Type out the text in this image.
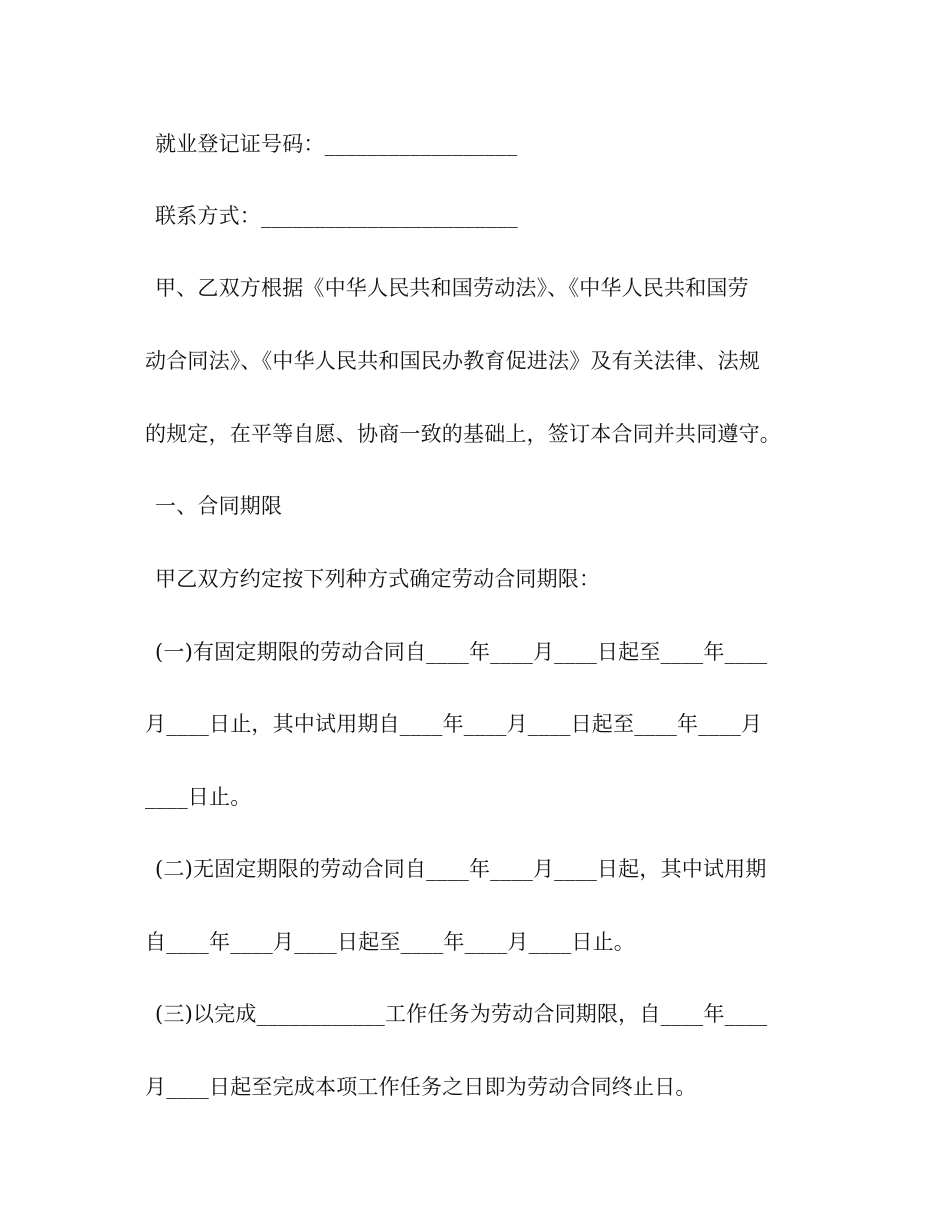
就业登记证号码：__________________
联系方式：________________________
甲、乙双方根据《中华人民共和国劳动法》、《中华人民共和国劳
动合同法》、《中华人民共和国民办教育促进法》及有关法律、法规
的规定，在平等自愿、协商一致的基础上，签订本合同并共同遵守。
一、合同期限
甲乙双方约定按下列种方式确定劳动合同期限：
(一)有固定期限的劳动合同自____年____月____日起至____年____
月____日止，其中试用期自____年____月____日起至____年____月
____日止。
(二)无固定期限的劳动合同自____年____月____日起，其中试用期
自____年____月____日起至____年____月____日止。
(三)以完成____________工作任务为劳动合同期限，自____年____
月____日起至完成本项工作任务之日即为劳动合同终止日。
